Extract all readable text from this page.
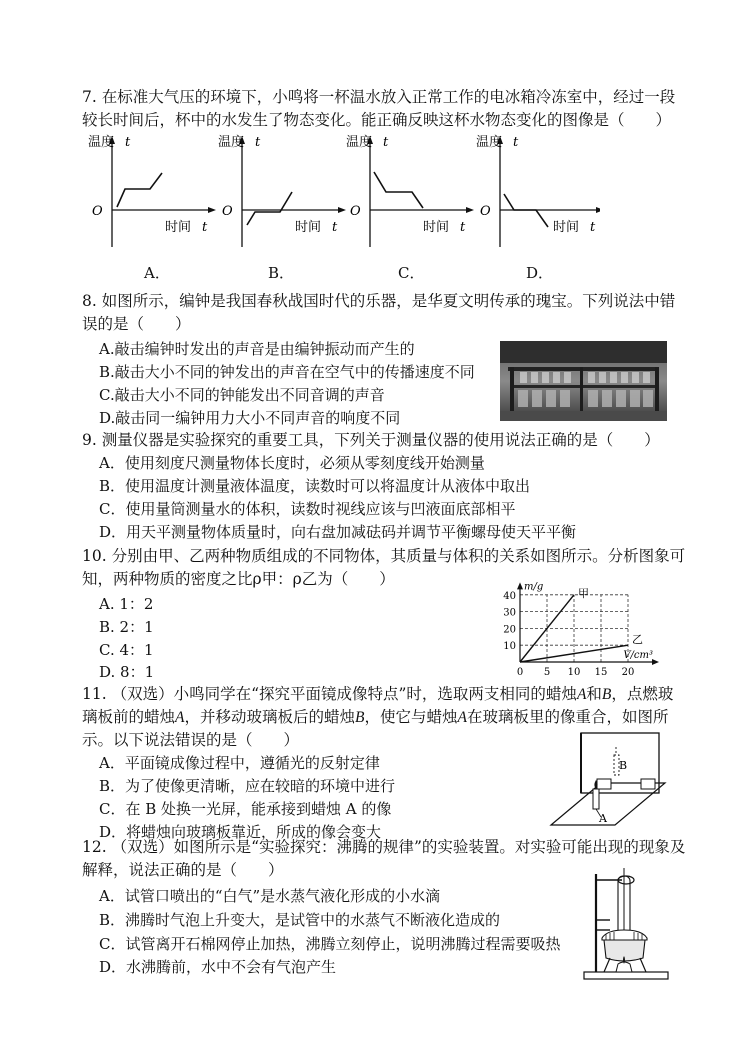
7. 在标准大气压的环境下，小鸣将一杯温水放入正常工作的电冰箱冷冻室中，经过一段
较长时间后，杯中的水发生了物态变化。能正确反映这杯水物态变化的图像是（　　）
温度 t
O
时间 t
温度 t
O
时间 t
温度 t
O
时间 t
温度 t
O
时间 t
A．	B．	C．	D．
8. 如图所示，编钟是我国春秋战国时代的乐器，是华夏文明传承的瑰宝。下列说法中错
误的是（　　）
A.敲击编钟时发出的声音是由编钟振动而产生的
B.敲击大小不同的钟发出的声音在空气中的传播速度不同
C.敲击大小不同的钟能发出不同音调的声音
D.敲击同一编钟用力大小不同声音的响度不同
9. 测量仪器是实验探究的重要工具，下列关于测量仪器的使用说法正确的是（　　）
A．使用刻度尺测量物体长度时，必须从零刻度线开始测量
B．使用温度计测量液体温度，读数时可以将温度计从液体中取出
C．使用量筒测量水的体积，读数时视线应该与凹液面底部相平
D．用天平测量物体质量时，向右盘加减砝码并调节平衡螺母使天平平衡
10. 分别由甲、乙两种物质组成的不同物体，其质量与体积的关系如图所示。分析图象可
知，两种物质的密度之比ρ甲：ρ乙为（　　）
A. 1：2
B. 2：1
C. 4：1
D. 8：1
10
20
30
40
0 5 10 15 20
m/g
V/cm³
甲
乙
11. （双选）小鸣同学在“探究平面镜成像特点”时，选取两支相同的蜡烛A和B，点燃玻
璃板前的蜡烛A，并移动玻璃板后的蜡烛B，使它与蜡烛A在玻璃板里的像重合，如图所
示。以下说法错误的是（　　）
A．平面镜成像过程中，遵循光的反射定律
B．为了使像更清晰，应在较暗的环境中进行
C．在 B 处换一光屏，能承接到蜡烛 A 的像
D．将蜡烛向玻璃板靠近，所成的像会变大
B
A
12. （双选）如图所示是“实验探究：沸腾的规律”的实验装置。对实验可能出现的现象及
解释，说法正确的是（　　）
A．试管口喷出的“白气”是水蒸气液化形成的小水滴
B．沸腾时气泡上升变大，是试管中的水蒸气不断液化造成的
C．试管离开石棉网停止加热，沸腾立刻停止，说明沸腾过程需要吸热
D．水沸腾前，水中不会有气泡产生
